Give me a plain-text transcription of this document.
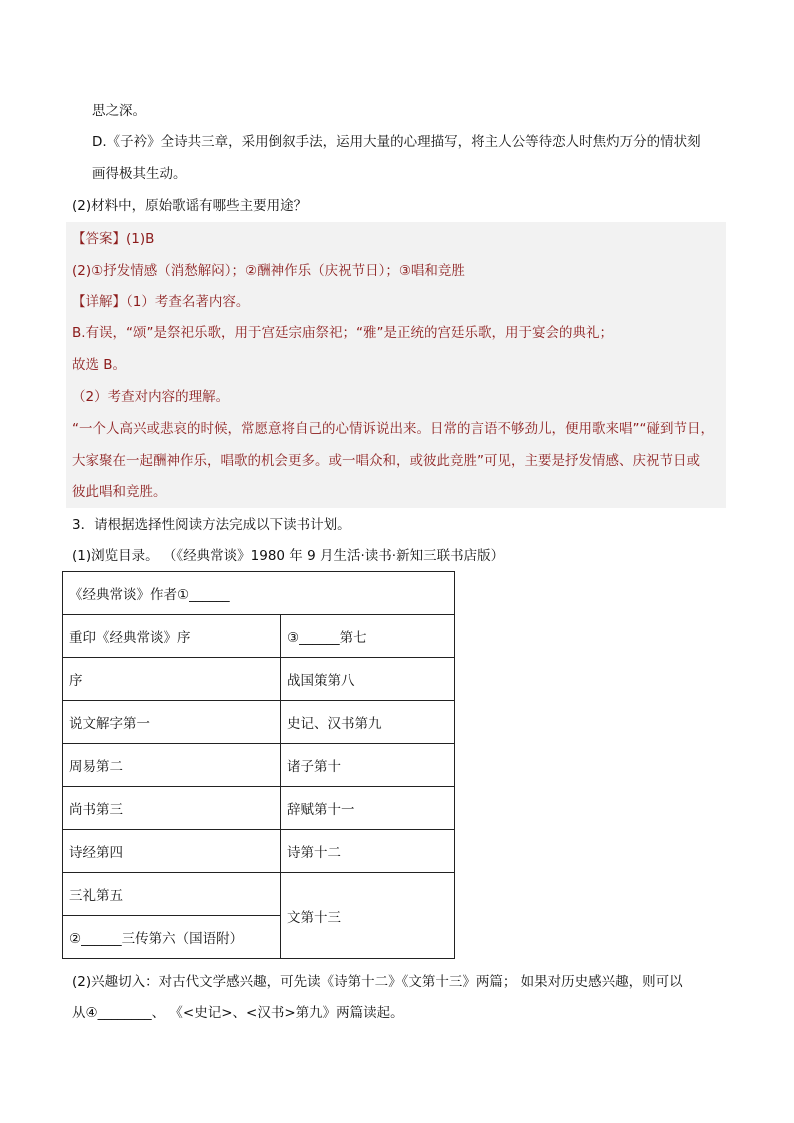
思之深。
D.《子衿》全诗共三章，采用倒叙手法，运用大量的心理描写，将主人公等待恋人时焦灼万分的情状刻
画得极其生动。
(2)材料中，原始歌谣有哪些主要用途？
【答案】(1)B
(2)①抒发情感（消愁解闷）；②酬神作乐（庆祝节日）；③唱和竞胜
【详解】（1）考查名著内容。
B.有误，“颂”是祭祀乐歌，用于宫廷宗庙祭祀；“雅”是正统的宫廷乐歌，用于宴会的典礼；
故选 B。
（2）考查对内容的理解。
“一个人高兴或悲哀的时候，常愿意将自己的心情诉说出来。日常的言语不够劲儿，便用歌来唱”“碰到节日，
大家聚在一起酬神作乐，唱歌的机会更多。或一唱众和，或彼此竞胜”可见，主要是抒发情感、庆祝节日或
彼此唱和竞胜。
3．请根据选择性阅读方法完成以下读书计划。
(1)浏览目录。 （《经典常谈》1980 年 9 月生活·读书·新知三联书店版）
《经典常谈》作者①______	
重印《经典常谈》序	③______第七
序	战国策第八
说文解字第一	史记、汉书第九
周易第二	诸子第十
尚书第三	辞赋第十一
诗经第四	诗第十二
三礼第五	文第十三
②______三传第六（国语附）	
(2)兴趣切入：对古代文学感兴趣，可先读《诗第十二》《文第十三》两篇； 如果对历史感兴趣，则可以
从④________、 《<史记>、<汉书>第九》两篇读起。
